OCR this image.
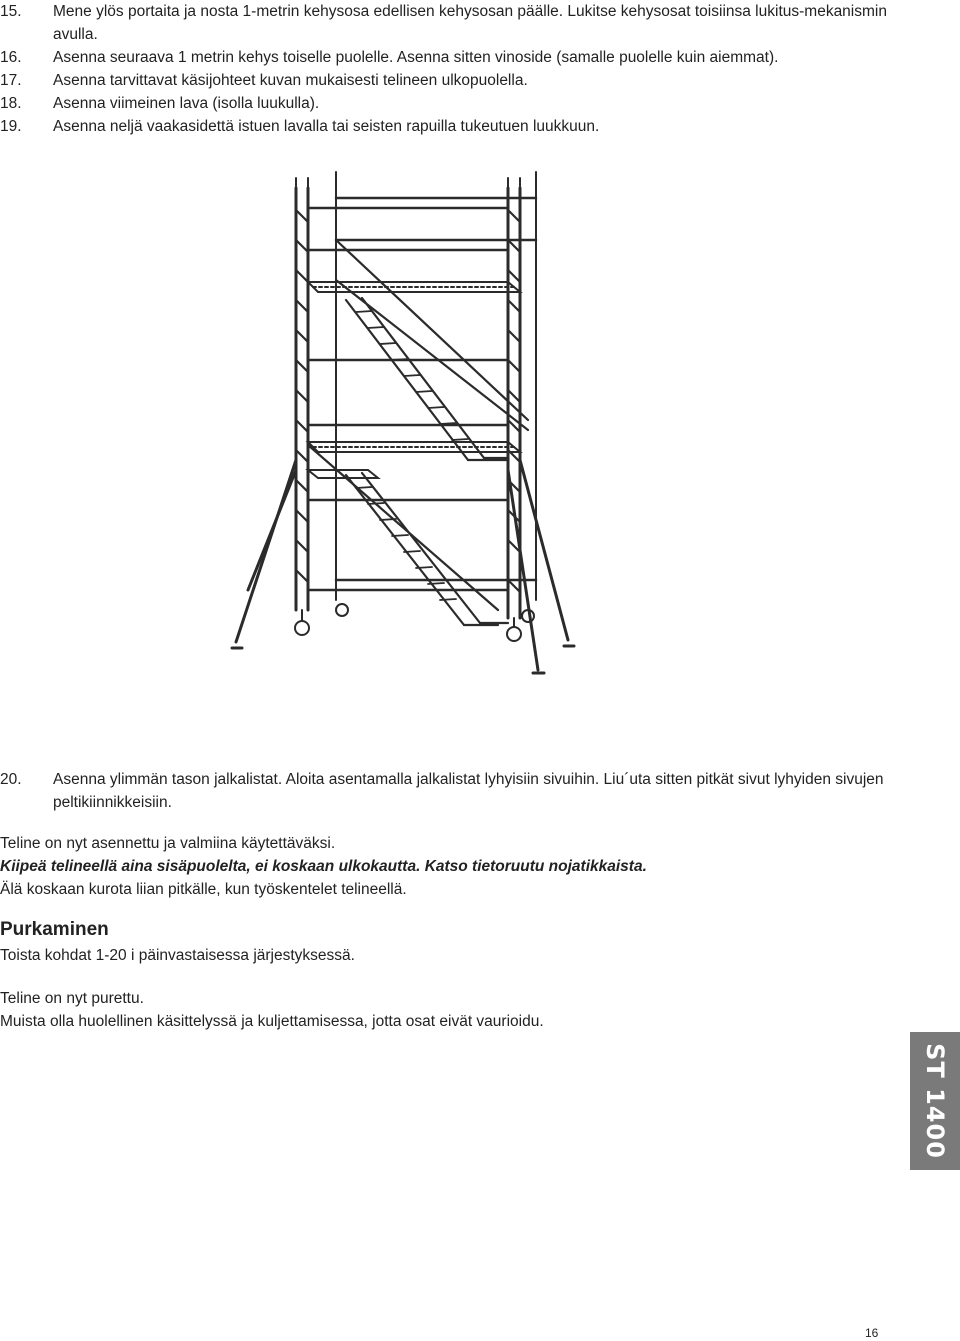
15.	Mene ylös portaita ja nosta 1-metrin kehysosa edellisen kehysosan päälle. Lukitse kehysosat toisiinsa lukitus-mekanismin avulla.
16.	Asenna seuraava 1 metrin kehys toiselle puolelle. Asenna sitten vinoside (samalle puolelle kuin aiemmat).
17.	Asenna tarvittavat käsijohteet kuvan mukaisesti telineen ulkopuolella.
18.	Asenna viimeinen lava (isolla luukulla).
19.	Asenna neljä vaakasidettä istuen lavalla tai seisten rapuilla tukeutuen luukkuun.
20.	Asenna ylimmän tason jalkalistat. Aloita asentamalla jalkalistat lyhyisiin sivuihin. Liu´uta sitten pitkät sivut lyhyiden sivujen peltikiinnikkeisiin.

Teline on nyt asennettu ja valmiina käytettäväksi.

Kiipeä telineellä aina sisäpuolelta, ei koskaan ulkokautta. Katso tietoruutu nojatikkaista.

Älä koskaan kurota liian pitkälle, kun työskentelet telineellä.

Purkaminen

Toista kohdat 1-20 i päinvastaisessa järjestyksessä.

Teline on nyt purettu.

Muista olla huolellinen käsittelyssä ja kuljettamisessa, jotta osat eivät vaurioidu.

ST 1400
16
